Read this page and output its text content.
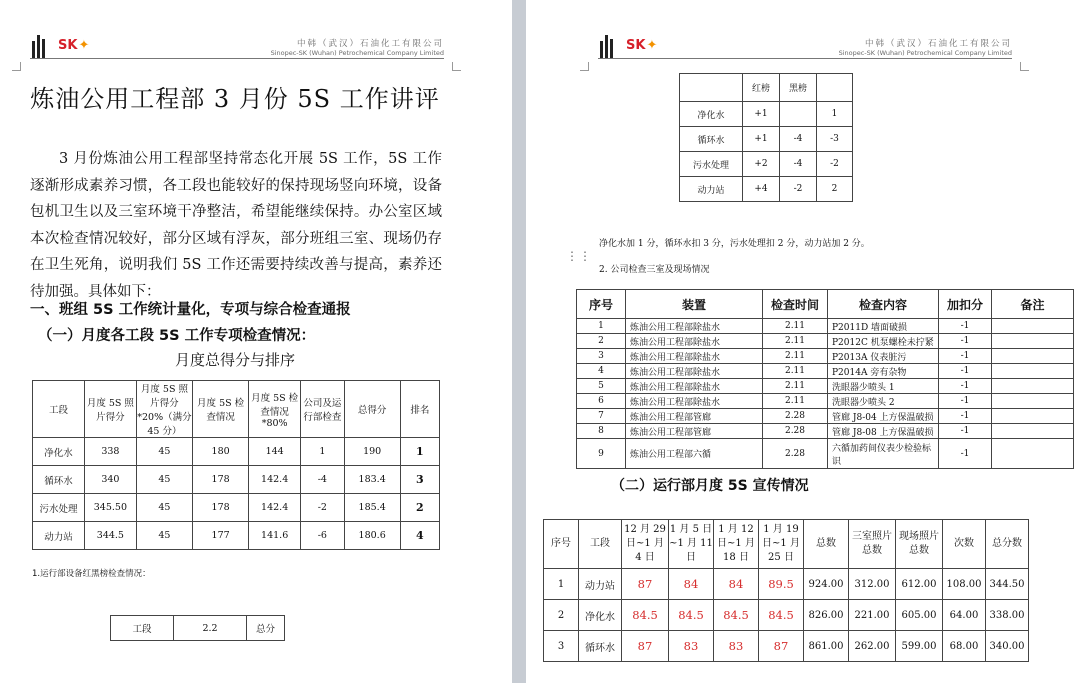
SK✦	中韩（武汉）石油化工有限公司
Sinopec-SK (Wuhan) Petrochemical Company Limited
炼油公用工程部 3 月份 5S 工作讲评

3 月份炼油公用工程部坚持常态化开展 5S 工作，5S 工作逐渐形成素养习惯，各工段也能较好的保持现场竖向环境，设备包机卫生以及三室环境干净整洁，希望能继续保持。办公室区域本次检查情况较好，部分区域有浮灰，部分班组三室、现场仍存在卫生死角，说明我们 5S 工作还需要持续改善与提高，素养还待加强。具体如下：

一、班组 5S 工作统计量化，专项与综合检查通报
（一）月度各工段 5S 工作专项检查情况：
月度总得分与排序
工段	月度 5S 照片得分	月度 5S 照片得分 *20%（满分 45 分）	月度 5S 检查情况	月度 5S 检查情况 *80%	公司及运行部检查	总得分	排名
净化水	338	45	180	144	1	190	1
循环水	340	45	178	142.4	-4	183.4	3
污水处理	345.50	45	178	142.4	-2	185.4	2
动力站	344.5	45	177	141.6	-6	180.6	4
1.运行部设备红黑榜检查情况：
工段	2.2	总分
SK✦	中韩（武汉）石油化工有限公司
Sinopec-SK (Wuhan) Petrochemical Company Limited
	红榜	黑榜	
净化水	+1		1
循环水	+1	-4	-3
污水处理	+2	-4	-2
动力站	+4	-2	2
净化水加 1 分，循环水扣 3 分，污水处理扣 2 分，动力站加 2 分。
⋮⋮
2. 公司检查三室及现场情况
序号	装置	检查时间	检查内容	加扣分	备注
1	炼油公用工程部除盐水	2.11	P2011D 墙面破损	-1	
2	炼油公用工程部除盐水	2.11	P2012C 机泵螺栓未拧紧	-1	
3	炼油公用工程部除盐水	2.11	P2013A 仪表脏污	-1	
4	炼油公用工程部除盐水	2.11	P2014A 旁有杂物	-1	
5	炼油公用工程部除盐水	2.11	洗眼器少喷头 1	-1	
6	炼油公用工程部除盐水	2.11	洗眼器少喷头 2	-1	
7	炼油公用工程部管廊	2.28	管廊 J8-04 上方保温破损	-1	
8	炼油公用工程部管廊	2.28	管廊 J8-08 上方保温破损	-1	
9	炼油公用工程部六循	2.28	六循加药间仪表少检验标识	-1	
（二）运行部月度 5S 宣传情况
序号	工段	12 月 29 日~1 月 4 日	1 月 5 日~1 月 11 日	1 月 12 日~1 月 18 日	1 月 19 日~1 月 25 日	总数	三室照片总数	现场照片总数	次数	总分数
1	动力站	87	84	84	89.5	924.00	312.00	612.00	108.00	344.50
2	净化水	84.5	84.5	84.5	84.5	826.00	221.00	605.00	64.00	338.00
3	循环水	87	83	83	87	861.00	262.00	599.00	68.00	340.00
